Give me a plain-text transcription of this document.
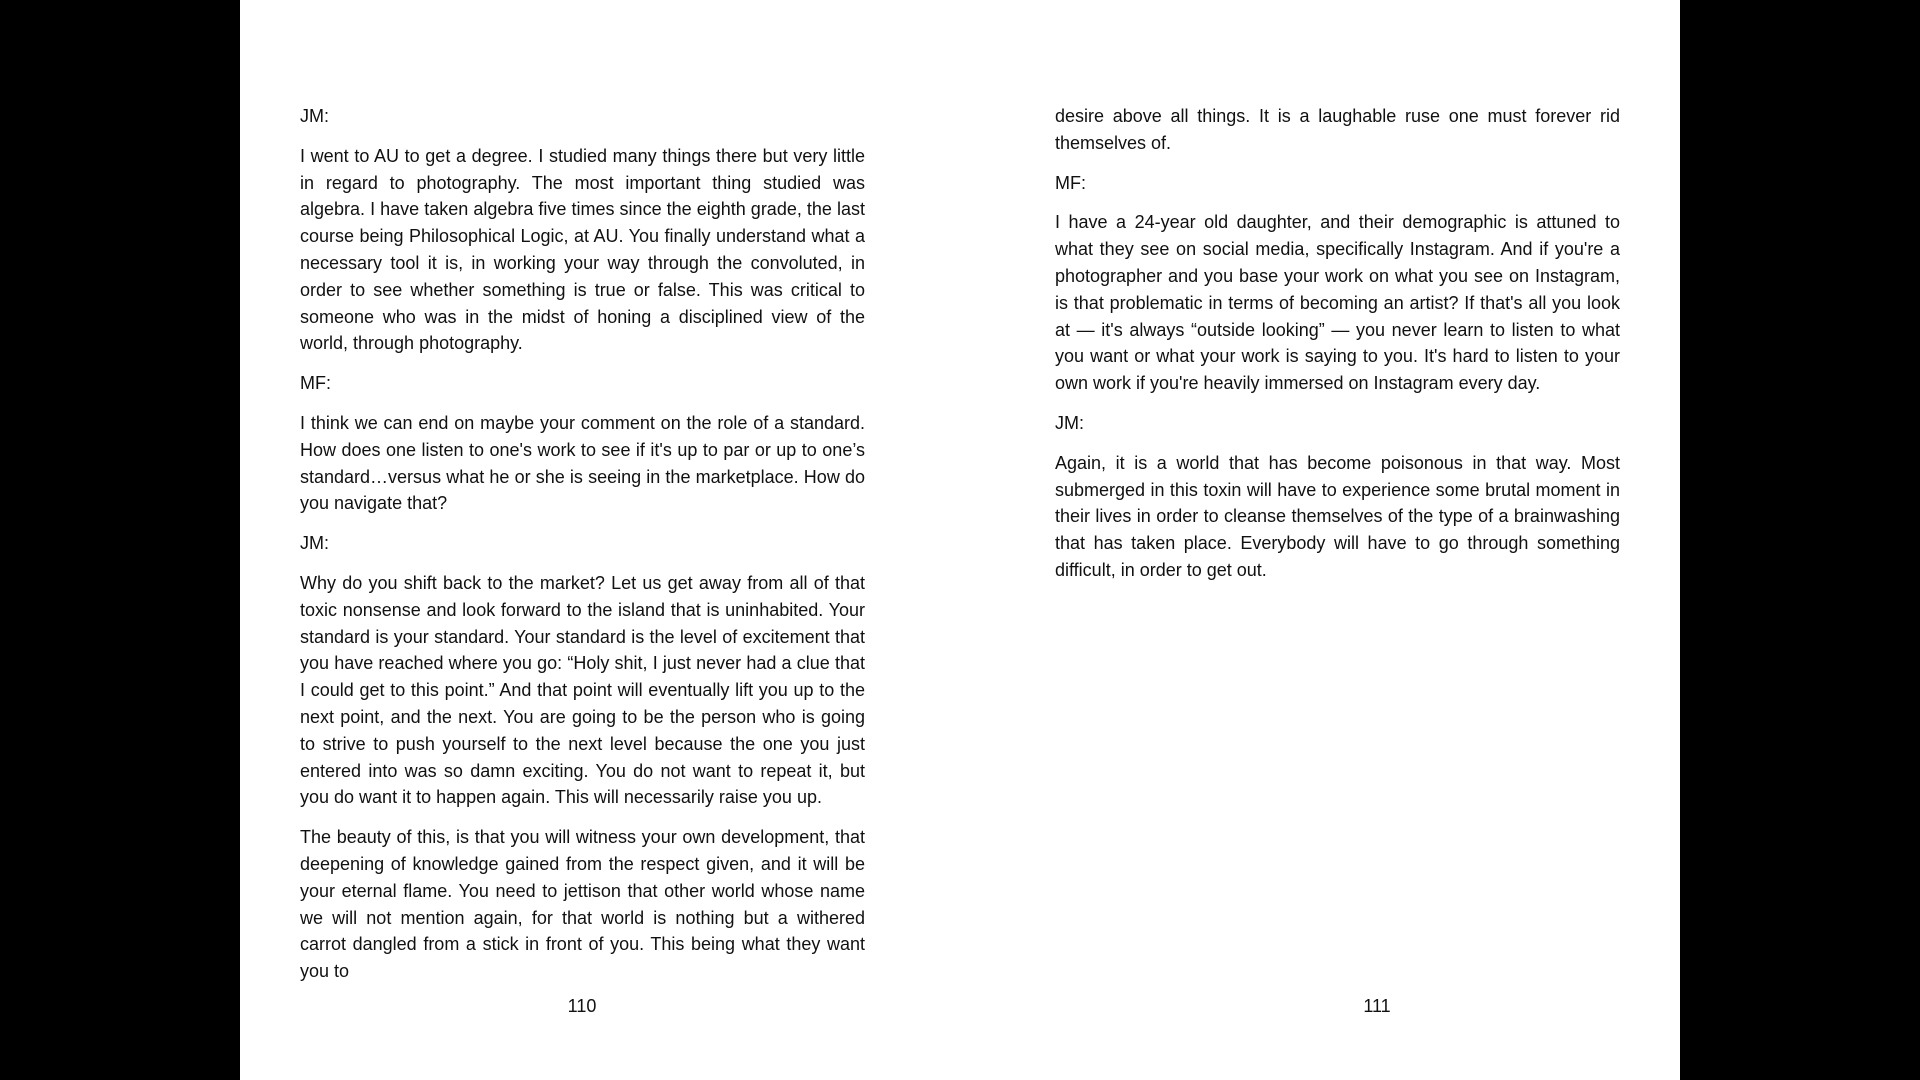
JM:

I went to AU to get a degree. I studied many things there but very little in regard to photography. The most important thing studied was algebra. I have taken algebra five times since the eighth grade, the last course being Philosophical Logic, at AU. You finally understand what a necessary tool it is, in working your way through the convoluted, in order to see whether something is true or false. This was critical to someone who was in the midst of honing a disciplined view of the world, through photography.

MF:

I think we can end on maybe your comment on the role of a standard. How does one listen to one's work to see if it's up to par or up to one’s standard…versus what he or she is seeing in the marketplace. How do you navigate that?

JM:

Why do you shift back to the market? Let us get away from all of that toxic nonsense and look forward to the island that is uninhabited. Your standard is your standard. Your standard is the level of excitement that you have reached where you go: “Holy shit, I just never had a clue that I could get to this point.” And that point will eventually lift you up to the next point, and the next. You are going to be the person who is going to strive to push yourself to the next level because the one you just entered into was so damn exciting. You do not want to repeat it, but you do want it to happen again. This will necessarily raise you up.

The beauty of this, is that you will witness your own development, that deepening of knowledge gained from the respect given, and it will be your eternal flame. You need to jettison that other world whose name we will not mention again, for that world is nothing but a withered carrot dangled from a stick in front of you. This being what they want you to

110

desire above all things. It is a laughable ruse one must forever rid themselves of.

MF:

I have a 24-year old daughter, and their demographic is attuned to what they see on social media, specifically Instagram. And if you're a photographer and you base your work on what you see on Instagram, is that problematic in terms of becoming an artist? If that's all you look at — it's always “outside looking” — you never learn to listen to what you want or what your work is saying to you. It's hard to listen to your own work if you're heavily immersed on Instagram every day.

JM:

Again, it is a world that has become poisonous in that way. Most submerged in this toxin will have to experience some brutal moment in their lives in order to cleanse themselves of the type of a brainwashing that has taken place. Everybody will have to go through something difficult, in order to get out.

111
